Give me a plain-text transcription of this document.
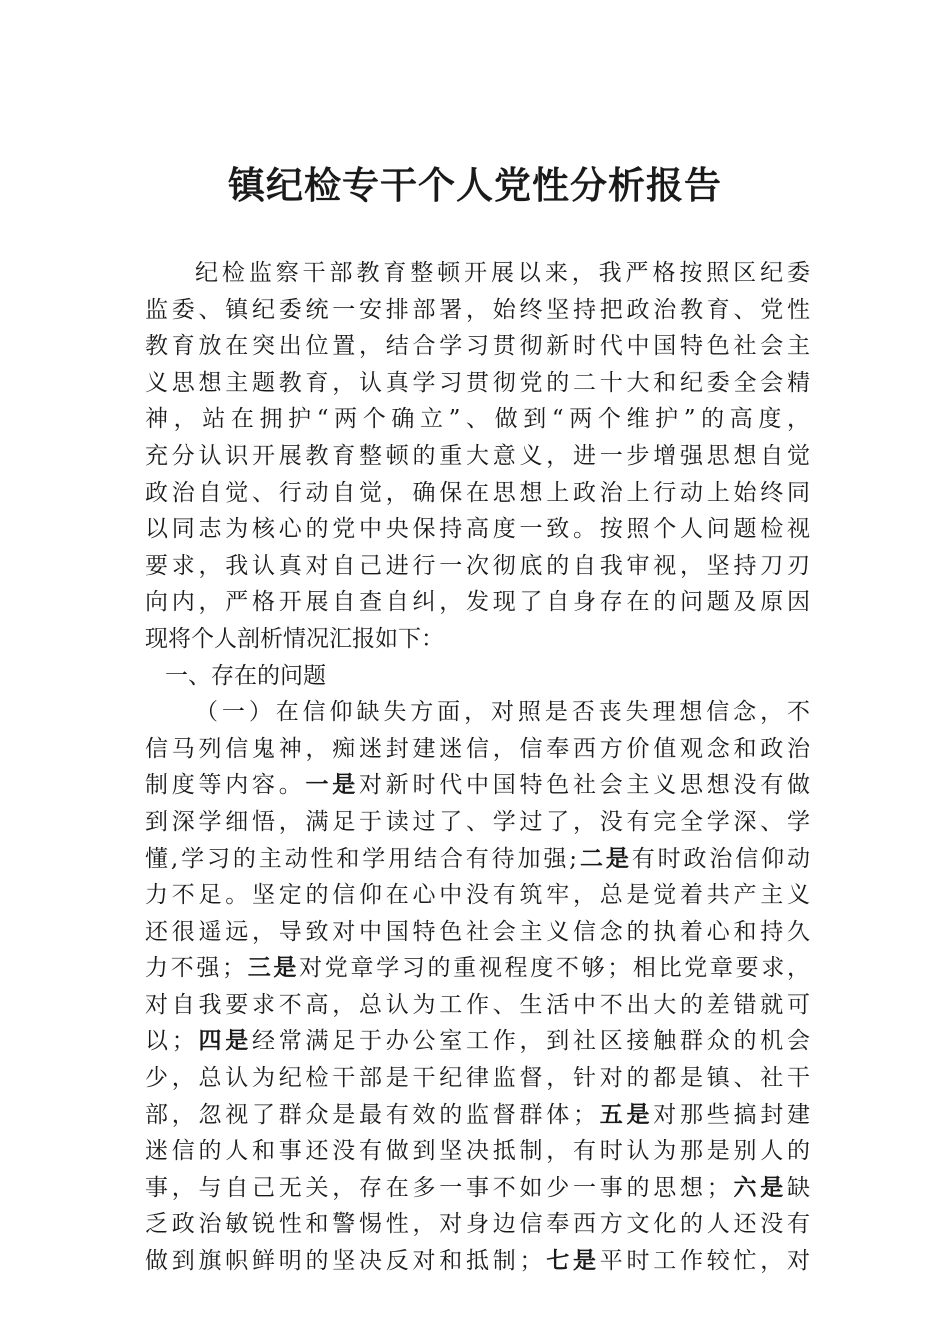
镇纪检专干个人党性分析报告
纪检监察干部教育整顿开展以来，我严格按照区纪委
监委、镇纪委统一安排部署，始终坚持把政治教育、党性
教育放在突出位置，结合学习贯彻新时代中国特色社会主
义思想主题教育，认真学习贯彻党的二十大和纪委全会精
神，站在拥护“两个确立”、做到“两个维护”的高度，
充分认识开展教育整顿的重大意义，进一步增强思想自觉
政治自觉、行动自觉，确保在思想上政治上行动上始终同
以同志为核心的党中央保持高度一致。按照个人问题检视
要求，我认真对自己进行一次彻底的自我审视，坚持刀刃
向内，严格开展自查自纠，发现了自身存在的问题及原因
现将个人剖析情况汇报如下：
一、存在的问题
（一）在信仰缺失方面，对照是否丧失理想信念，不
信马列信鬼神，痴迷封建迷信，信奉西方价值观念和政治
制度等内容。一是对新时代中国特色社会主义思想没有做
到深学细悟，满足于读过了、学过了，没有完全学深、学
懂,学习的主动性和学用结合有待加强;二是有时政治信仰动
力不足。坚定的信仰在心中没有筑牢，总是觉着共产主义
还很遥远，导致对中国特色社会主义信念的执着心和持久
力不强；三是对党章学习的重视程度不够；相比党章要求，
对自我要求不高，总认为工作、生活中不出大的差错就可
以；四是经常满足于办公室工作，到社区接触群众的机会
少，总认为纪检干部是干纪律监督，针对的都是镇、社干
部，忽视了群众是最有效的监督群体；五是对那些搞封建
迷信的人和事还没有做到坚决抵制，有时认为那是别人的
事，与自己无关，存在多一事不如少一事的思想；六是缺
乏政治敏锐性和警惕性，对身边信奉西方文化的人还没有
做到旗帜鲜明的坚决反对和抵制；七是平时工作较忙，对
